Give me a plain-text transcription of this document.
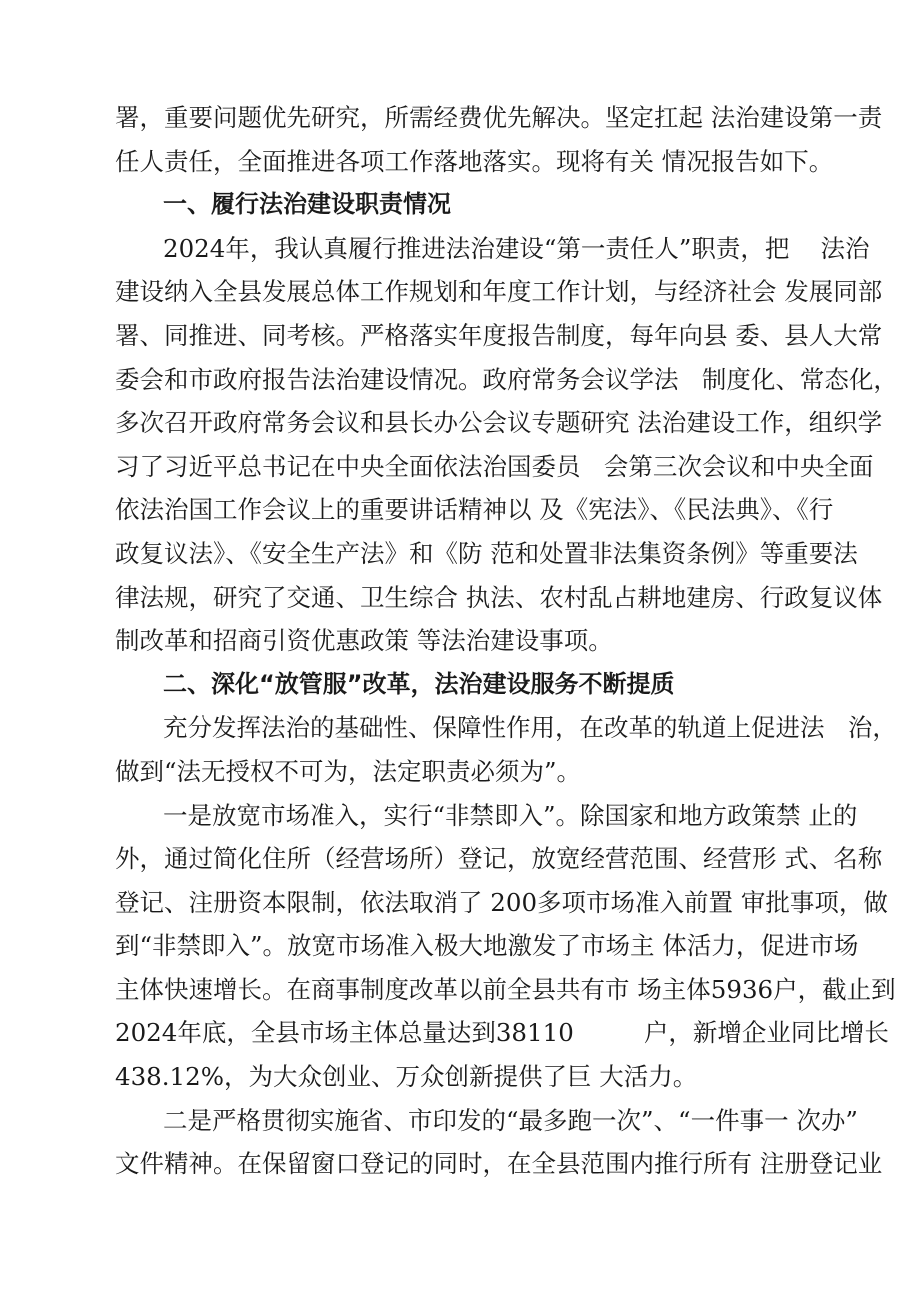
署，重要问题优先研究，所需经费优先解决。坚定扛起 法治建设第一责
任人责任，全面推进各项工作落地落实。现将有关 情况报告如下。
一、履行法治建设职责情况
2024年，我认真履行推进法治建设“第一责任人”职责，把    法治
建设纳入全县发展总体工作规划和年度工作计划，与经济社会 发展同部
署、同推进、同考核。严格落实年度报告制度，每年向县 委、县人大常
委会和市政府报告法治建设情况。政府常务会议学法   制度化、常态化，
多次召开政府常务会议和县长办公会议专题研究 法治建设工作，组织学
习了习近平总书记在中央全面依法治国委员   会第三次会议和中央全面
依法治国工作会议上的重要讲话精神以 及《宪法》、《民法典》、《行
政复议法》、《安全生产法》和《防 范和处置非法集资条例》等重要法
律法规，研究了交通、卫生综合 执法、农村乱占耕地建房、行政复议体
制改革和招商引资优惠政策 等法治建设事项。
二、深化“放管服”改革，法治建设服务不断提质
充分发挥法治的基础性、保障性作用，在改革的轨道上促进法   治，
做到“法无授权不可为，法定职责必须为”。
一是放宽市场准入，实行“非禁即入”。除国家和地方政策禁 止的
外，通过简化住所（经营场所）登记，放宽经营范围、经营形 式、名称
登记、注册资本限制，依法取消了 200多项市场准入前置 审批事项，做
到“非禁即入”。放宽市场准入极大地激发了市场主 体活力，促进市场
主体快速增长。在商事制度改革以前全县共有市 场主体5936户，截止到
2024年底，全县市场主体总量达到38110         户，新增企业同比增长
438.12%，为大众创业、万众创新提供了巨 大活力。
二是严格贯彻实施省、市印发的“最多跑一次”、“一件事一 次办”
文件精神。在保留窗口登记的同时，在全县范围内推行所有 注册登记业
